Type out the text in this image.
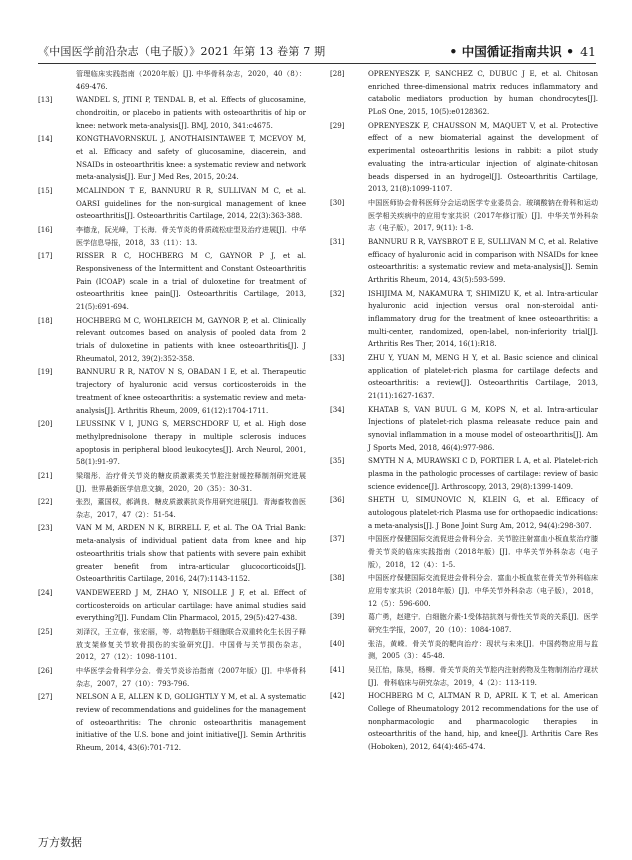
《中国医学前沿杂志（电子版）》2021 年第 13 卷第 7 期	• 中国循证指南共识 • 41
管理临床实践指南（2020年版）[J]. 中华骨科杂志，2020，40（8）：469-476.
[13]	WANDEL S, JTINI P, TENDAL B, et al. Effects of glucosamine, chondroitin, or placebo in patients with osteoarthritis of hip or knee: network meta-analysis[J]. BMJ, 2010, 341:c4675.
[14]	KONGTHAVORNSKUL J, ANOTHAISINTAWEE T, MCEVOY M, et al. Efficacy and safety of glucosamine, diacerein, and NSAIDs in osteoarthritis knee: a systematic review and network meta-analysis[J]. Eur J Med Res, 2015, 20:24.
[15]	MCALINDON T E, BANNURU R R, SULLIVAN M C, et al. OARSI guidelines for the non-surgical management of knee osteoarthritis[J]. Osteoarthritis Cartilage, 2014, 22(3):363-388.
[16]	李德龙，阮光峰，丁长海．骨关节炎的骨质疏松症型及治疗进展[J]．中华医学信息导报，2018，33（11）：13.
[17]	RISSER R C, HOCHBERG M C, GAYNOR P J, et al. Responsiveness of the Intermittent and Constant Osteoarthritis Pain (ICOAP) scale in a trial of duloxetine for treatment of osteoarthritis knee pain[J]. Osteoarthritis Cartilage, 2013, 21(5):691-694.
[18]	HOCHBERG M C, WOHLREICH M, GAYNOR P, et al. Clinically relevant outcomes based on analysis of pooled data from 2 trials of duloxetine in patients with knee osteoarthritis[J]. J Rheumatol, 2012, 39(2):352-358.
[19]	BANNURU R R, NATOV N S, OBADAN I E, et al. Therapeutic trajectory of hyaluronic acid versus corticosteroids in the treatment of knee osteoarthritis: a systematic review and meta-analysis[J]. Arthritis Rheum, 2009, 61(12):1704-1711.
[20]	LEUSSINK V I, JUNG S, MERSCHDORF U, et al. High dose methylprednisolone therapy in multiple sclerosis induces apoptosis in peripheral blood leukocytes[J]. Arch Neurol, 2001, 58(1):91-97.
[21]	梁瑞彤．治疗骨关节炎的糖皮质激素类关节腔注射缓控释制剂研究进展[J]．世界最新医学信息文摘，2020，20（35）：30-31.
[22]	张烈，董国权，郝满良．糖皮质激素抗炎作用研究进展[J]．青海畜牧兽医杂志，2017，47（2）：51-54.
[23]	VAN M M, ARDEN N K, BIRRELL F, et al. The OA Trial Bank: meta-analysis of individual patient data from knee and hip osteoarthritis trials show that patients with severe pain exhibit greater benefit from intra-articular glucocorticoids[J]. Osteoarthritis Cartilage, 2016, 24(7):1143-1152.
[24]	VANDEWEERD J M, ZHAO Y, NISOLLE J F, et al. Effect of corticosteroids on articular cartilage: have animal studies said everything?[J]. Fundam Clin Pharmacol, 2015, 29(5):427-438.
[25]	刘泽汉，王立春，张宏丽，等．动物脂肪干细胞联合双重转化生长因子释放支架修复关节软骨损伤的实验研究[J]．中国骨与关节损伤杂志，2012，27（12）：1098-1101.
[26]	中华医学会骨科学分会．骨关节炎诊治指南（2007年版）[J]．中华骨科杂志，2007，27（10）：793-796.
[27]	NELSON A E, ALLEN K D, GOLIGHTLY Y M, et al. A systematic review of recommendations and guidelines for the management of osteoarthritis: The chronic osteoarthritis management initiative of the U.S. bone and joint initiative[J]. Semin Arthritis Rheum, 2014, 43(6):701-712.
[28]	OPRENYESZK F, SANCHEZ C, DUBUC J E, et al. Chitosan enriched three-dimensional matrix reduces inflammatory and catabolic mediators production by human chondrocytes[J]. PLoS One, 2015, 10(5):e0128362.
[29]	OPRENYESZK F, CHAUSSON M, MAQUET V, et al. Protective effect of a new biomaterial against the development of experimental osteoarthritis lesions in rabbit: a pilot study evaluating the intra-articular injection of alginate-chitosan beads dispersed in an hydrogel[J]. Osteoarthritis Cartilage, 2013, 21(8):1099-1107.
[30]	中国医师协会骨科医师分会运动医学专业委员会．玻璃酸钠在骨科和运动医学相关疾病中的应用专家共识（2017年修订版）[J]．中华关节外科杂志（电子版），2017, 9(11): 1-8.
[31]	BANNURU R R, VAYSBROT E E, SULLIVAN M C, et al. Relative efficacy of hyaluronic acid in comparison with NSAIDs for knee osteoarthritis: a systematic review and meta-analysis[J]. Semin Arthritis Rheum, 2014, 43(5):593-599.
[32]	ISHIJIMA M, NAKAMURA T, SHIMIZU K, et al. Intra-articular hyaluronic acid injection versus oral non-steroidal anti-inflammatory drug for the treatment of knee osteoarthritis: a multi-center, randomized, open-label, non-inferiority trial[J]. Arthritis Res Ther, 2014, 16(1):R18.
[33]	ZHU Y, YUAN M, MENG H Y, et al. Basic science and clinical application of platelet-rich plasma for cartilage defects and osteoarthritis: a review[J]. Osteoarthritis Cartilage, 2013, 21(11):1627-1637.
[34]	KHATAB S, VAN BUUL G M, KOPS N, et al. Intra-articular Injections of platelet-rich plasma releasate reduce pain and synovial inflammation in a mouse model of osteoarthritis[J]. Am J Sports Med, 2018, 46(4):977-986.
[35]	SMYTH N A, MURAWSKI C D, FORTIER L A, et al. Platelet-rich plasma in the pathologic processes of cartilage: review of basic science evidence[J]. Arthroscopy, 2013, 29(8):1399-1409.
[36]	SHETH U, SIMUNOVIC N, KLEIN G, et al. Efficacy of autologous platelet-rich Plasma use for orthopaedic indications: a meta-analysis[J]. J Bone Joint Surg Am, 2012, 94(4):298-307.
[37]	中国医疗保健国际交流促进会骨科分会．关节腔注射富血小板血浆治疗膝骨关节炎的临床实践指南（2018年版）[J]．中华关节外科杂志（电子版），2018，12（4）：1-5.
[38]	中国医疗保健国际交流促进会骨科分会．富血小板血浆在骨关节外科临床应用专家共识（2018年版）[J]．中华关节外科杂志（电子版），2018，12（5）：596-600.
[39]	葛广勇，赵建宁．白细胞介素-1受体拮抗剂与骨性关节炎的关系[J]．医学研究生学报，2007，20（10）：1084-1087.
[40]	张洁，黄嵘．骨关节炎的靶向治疗：现状与未来[J]．中国药物应用与监测，2005（3）：45-48.
[41]	吴江怡，陈昊，杨柳．骨关节炎的关节腔内注射药物及生物制剂治疗现状[J]．骨科临床与研究杂志，2019，4（2）：113-119.
[42]	HOCHBERG M C, ALTMAN R D, APRIL K T, et al. American College of Rheumatology 2012 recommendations for the use of nonpharmacologic and pharmacologic therapies in osteoarthritis of the hand, hip, and knee[J]. Arthritis Care Res (Hoboken), 2012, 64(4):465-474.
万方数据
